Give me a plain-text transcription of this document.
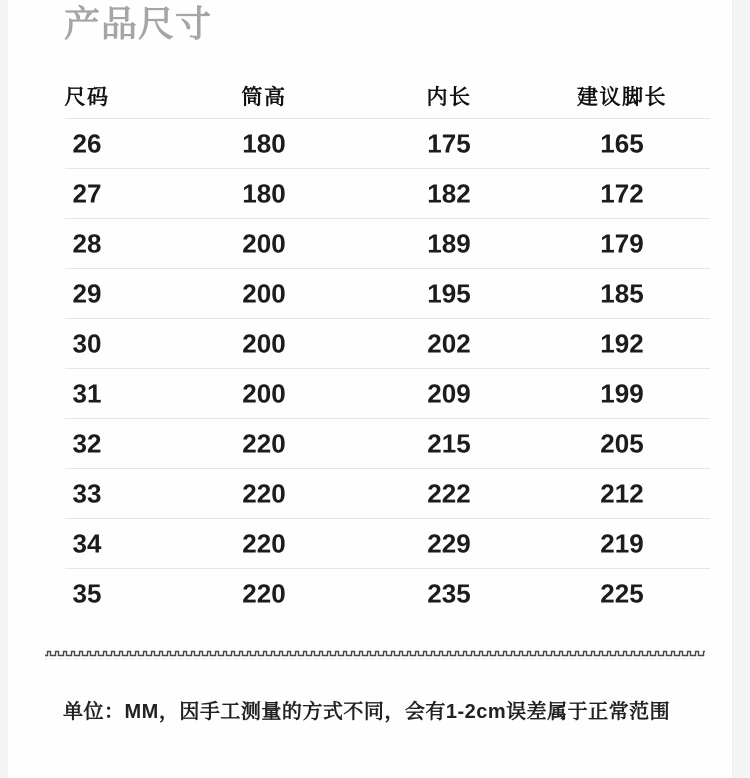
产品尺寸
尺码	筒高	内长	建议脚长
26	180	175	165
27	180	182	172
28	200	189	179
29	200	195	185
30	200	202	192
31	200	209	199
32	220	215	205
33	220	222	212
34	220	229	219
35	220	235	225
单位：MM，因手工测量的方式不同，会有1-2cm误差属于正常范围
